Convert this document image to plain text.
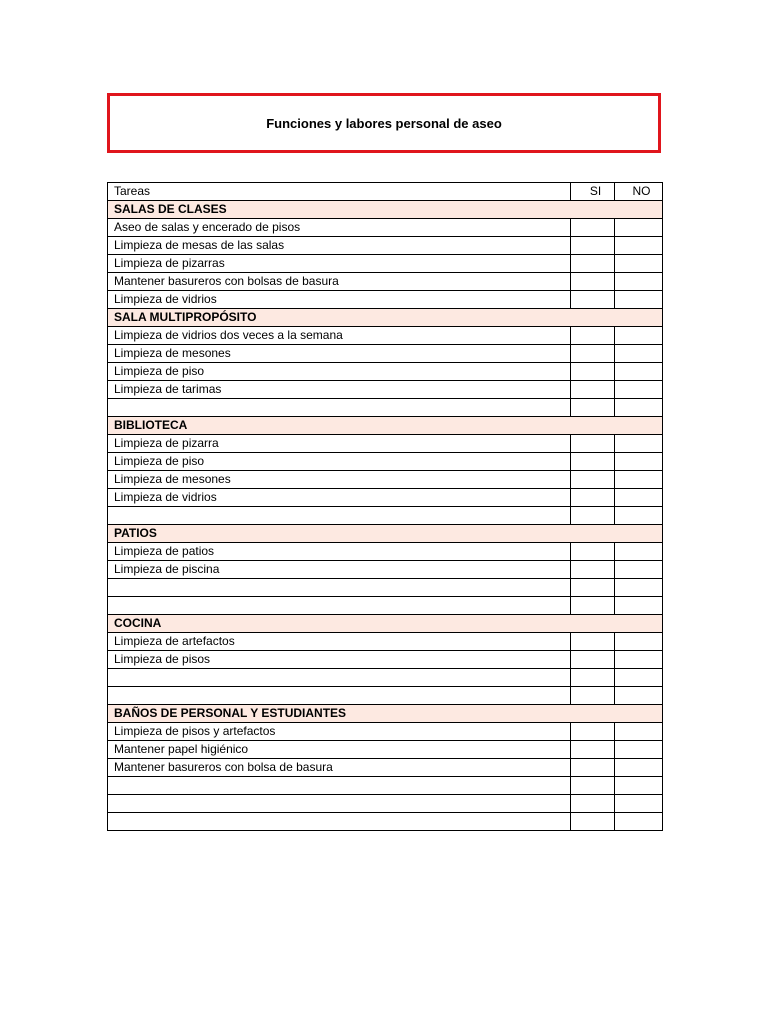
Funciones y labores personal de aseo
Tareas	SI	NO
SALAS DE CLASES		
Aseo de salas y encerado de pisos		
Limpieza de mesas de las salas		
Limpieza de pizarras		
Mantener basureros con bolsas de basura		
Limpieza de vidrios		
SALA MULTIPROPÓSITO		
Limpieza de vidrios dos veces a la semana		
Limpieza de mesones		
Limpieza de piso		
Limpieza de tarimas		

BIBLIOTECA		
Limpieza de pizarra		
Limpieza de piso		
Limpieza de mesones		
Limpieza de vidrios		

PATIOS		
Limpieza de patios		
Limpieza de piscina		

COCINA		
Limpieza de artefactos		
Limpieza de pisos		

BAÑOS DE PERSONAL Y ESTUDIANTES		
Limpieza de pisos y artefactos		
Mantener papel higiénico		
Mantener basureros con bolsa de basura		
